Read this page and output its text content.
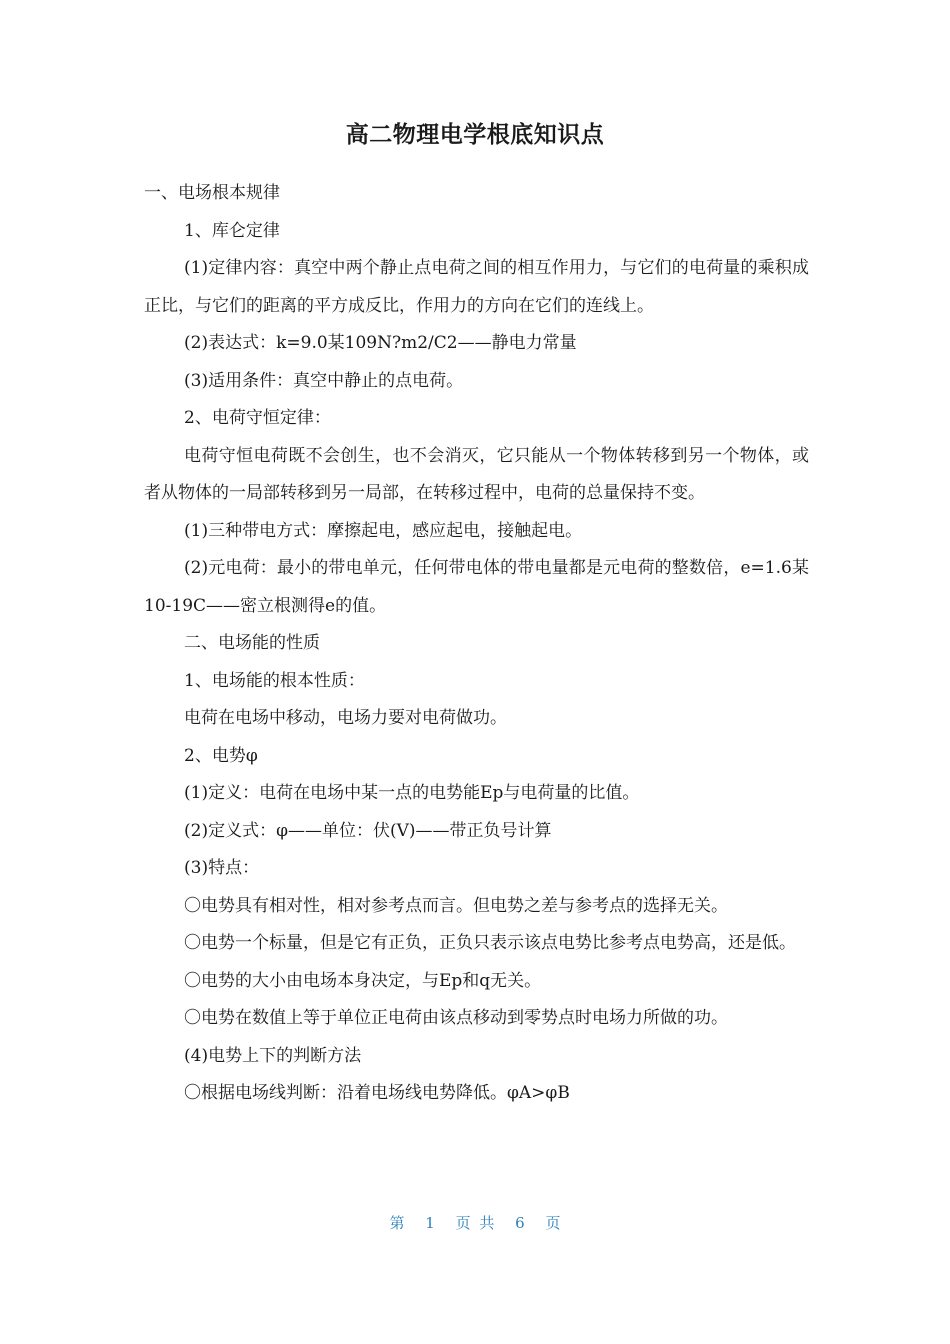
高二物理电学根底知识点

一、电场根本规律

1、库仑定律

(1)定律内容：真空中两个静止点电荷之间的相互作用力，与它们的电荷量的乘积成正比，与它们的距离的平方成反比，作用力的方向在它们的连线上。

(2)表达式：k=9.0某109N?m2/C2——静电力常量

(3)适用条件：真空中静止的点电荷。

2、电荷守恒定律：

电荷守恒电荷既不会创生，也不会消灭，它只能从一个物体转移到另一个物体，或者从物体的一局部转移到另一局部，在转移过程中，电荷的总量保持不变。

(1)三种带电方式：摩擦起电，感应起电，接触起电。

(2)元电荷：最小的带电单元，任何带电体的带电量都是元电荷的整数倍，e=1.6某10-19C——密立根测得e的值。

二、电场能的性质

1、电场能的根本性质：

电荷在电场中移动，电场力要对电荷做功。

2、电势φ

(1)定义：电荷在电场中某一点的电势能Ep与电荷量的比值。

(2)定义式：φ——单位：伏(V)——带正负号计算

(3)特点：

〇电势具有相对性，相对参考点而言。但电势之差与参考点的选择无关。

〇电势一个标量，但是它有正负，正负只表示该点电势比参考点电势高，还是低。

〇电势的大小由电场本身决定，与Ep和q无关。

〇电势在数值上等于单位正电荷由该点移动到零势点时电场力所做的功。

(4)电势上下的判断方法

〇根据电场线判断：沿着电场线电势降低。φA>φB

第 1 页 共 6 页
